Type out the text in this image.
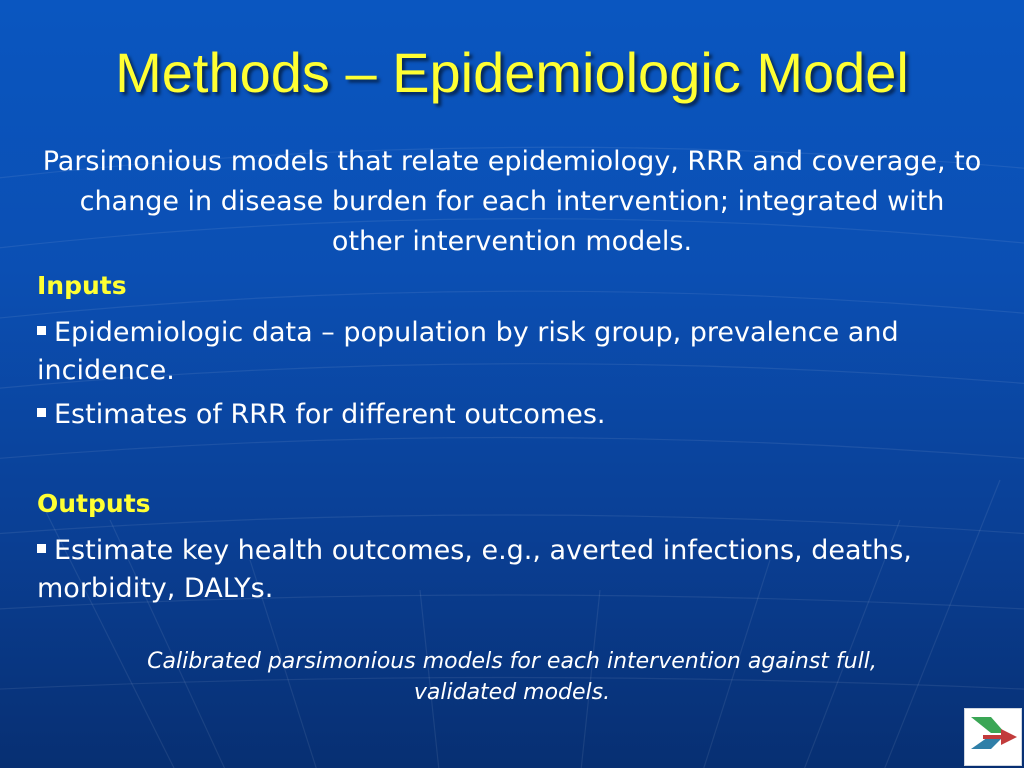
Methods – Epidemiologic Model

Parsimonious models that relate epidemiology, RRR and coverage, to change in disease burden for each intervention; integrated with other intervention models.

Inputs
Epidemiologic data – population by risk group, prevalence and incidence.
Estimates of RRR for different outcomes.
Outputs
Estimate key health outcomes, e.g., averted infections, deaths, morbidity, DALYs.
Calibrated parsimonious models for each intervention against full, validated models.
